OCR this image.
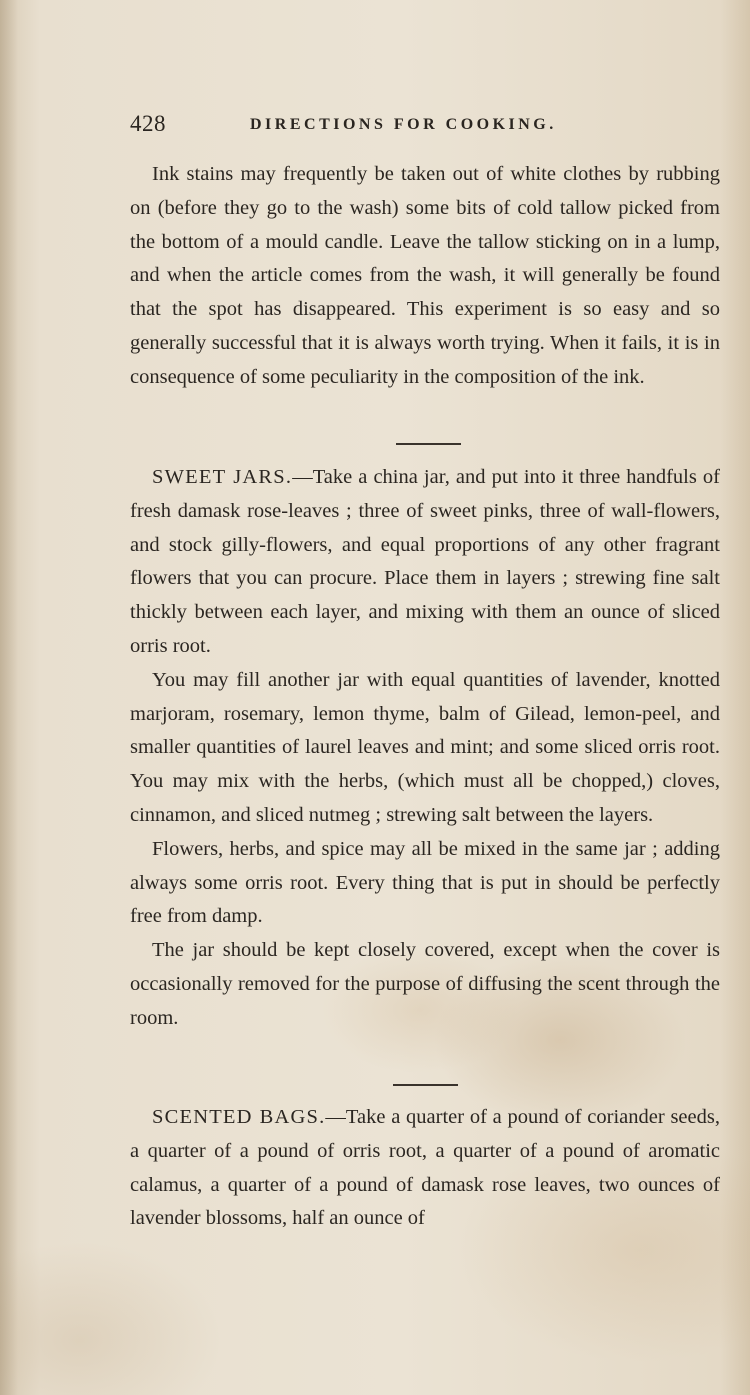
428	DIRECTIONS FOR COOKING.

Ink stains may frequently be taken out of white clothes by rubbing on (before they go to the wash) some bits of cold tallow picked from the bottom of a mould candle. Leave the tallow sticking on in a lump, and when the article comes from the wash, it will generally be found that the spot has disappeared. This experiment is so easy and so generally successful that it is always worth trying. When it fails, it is in consequence of some peculiarity in the composition of the ink.

SWEET JARS.—Take a china jar, and put into it three handfuls of fresh damask rose-leaves ; three of sweet pinks, three of wall-flowers, and stock gilly-flowers, and equal proportions of any other fragrant flowers that you can procure. Place them in layers ; strewing fine salt thickly between each layer, and mixing with them an ounce of sliced orris root.

You may fill another jar with equal quantities of lavender, knotted marjoram, rosemary, lemon thyme, balm of Gilead, lemon-peel, and smaller quantities of laurel leaves and mint; and some sliced orris root. You may mix with the herbs, (which must all be chopped,) cloves, cinnamon, and sliced nutmeg ; strewing salt between the layers.

Flowers, herbs, and spice may all be mixed in the same jar ; adding always some orris root. Every thing that is put in should be perfectly free from damp.

The jar should be kept closely covered, except when the cover is occasionally removed for the purpose of diffusing the scent through the room.

SCENTED BAGS.—Take a quarter of a pound of coriander seeds, a quarter of a pound of orris root, a quarter of a pound of aromatic calamus, a quarter of a pound of damask rose leaves, two ounces of lavender blossoms, half an ounce of
